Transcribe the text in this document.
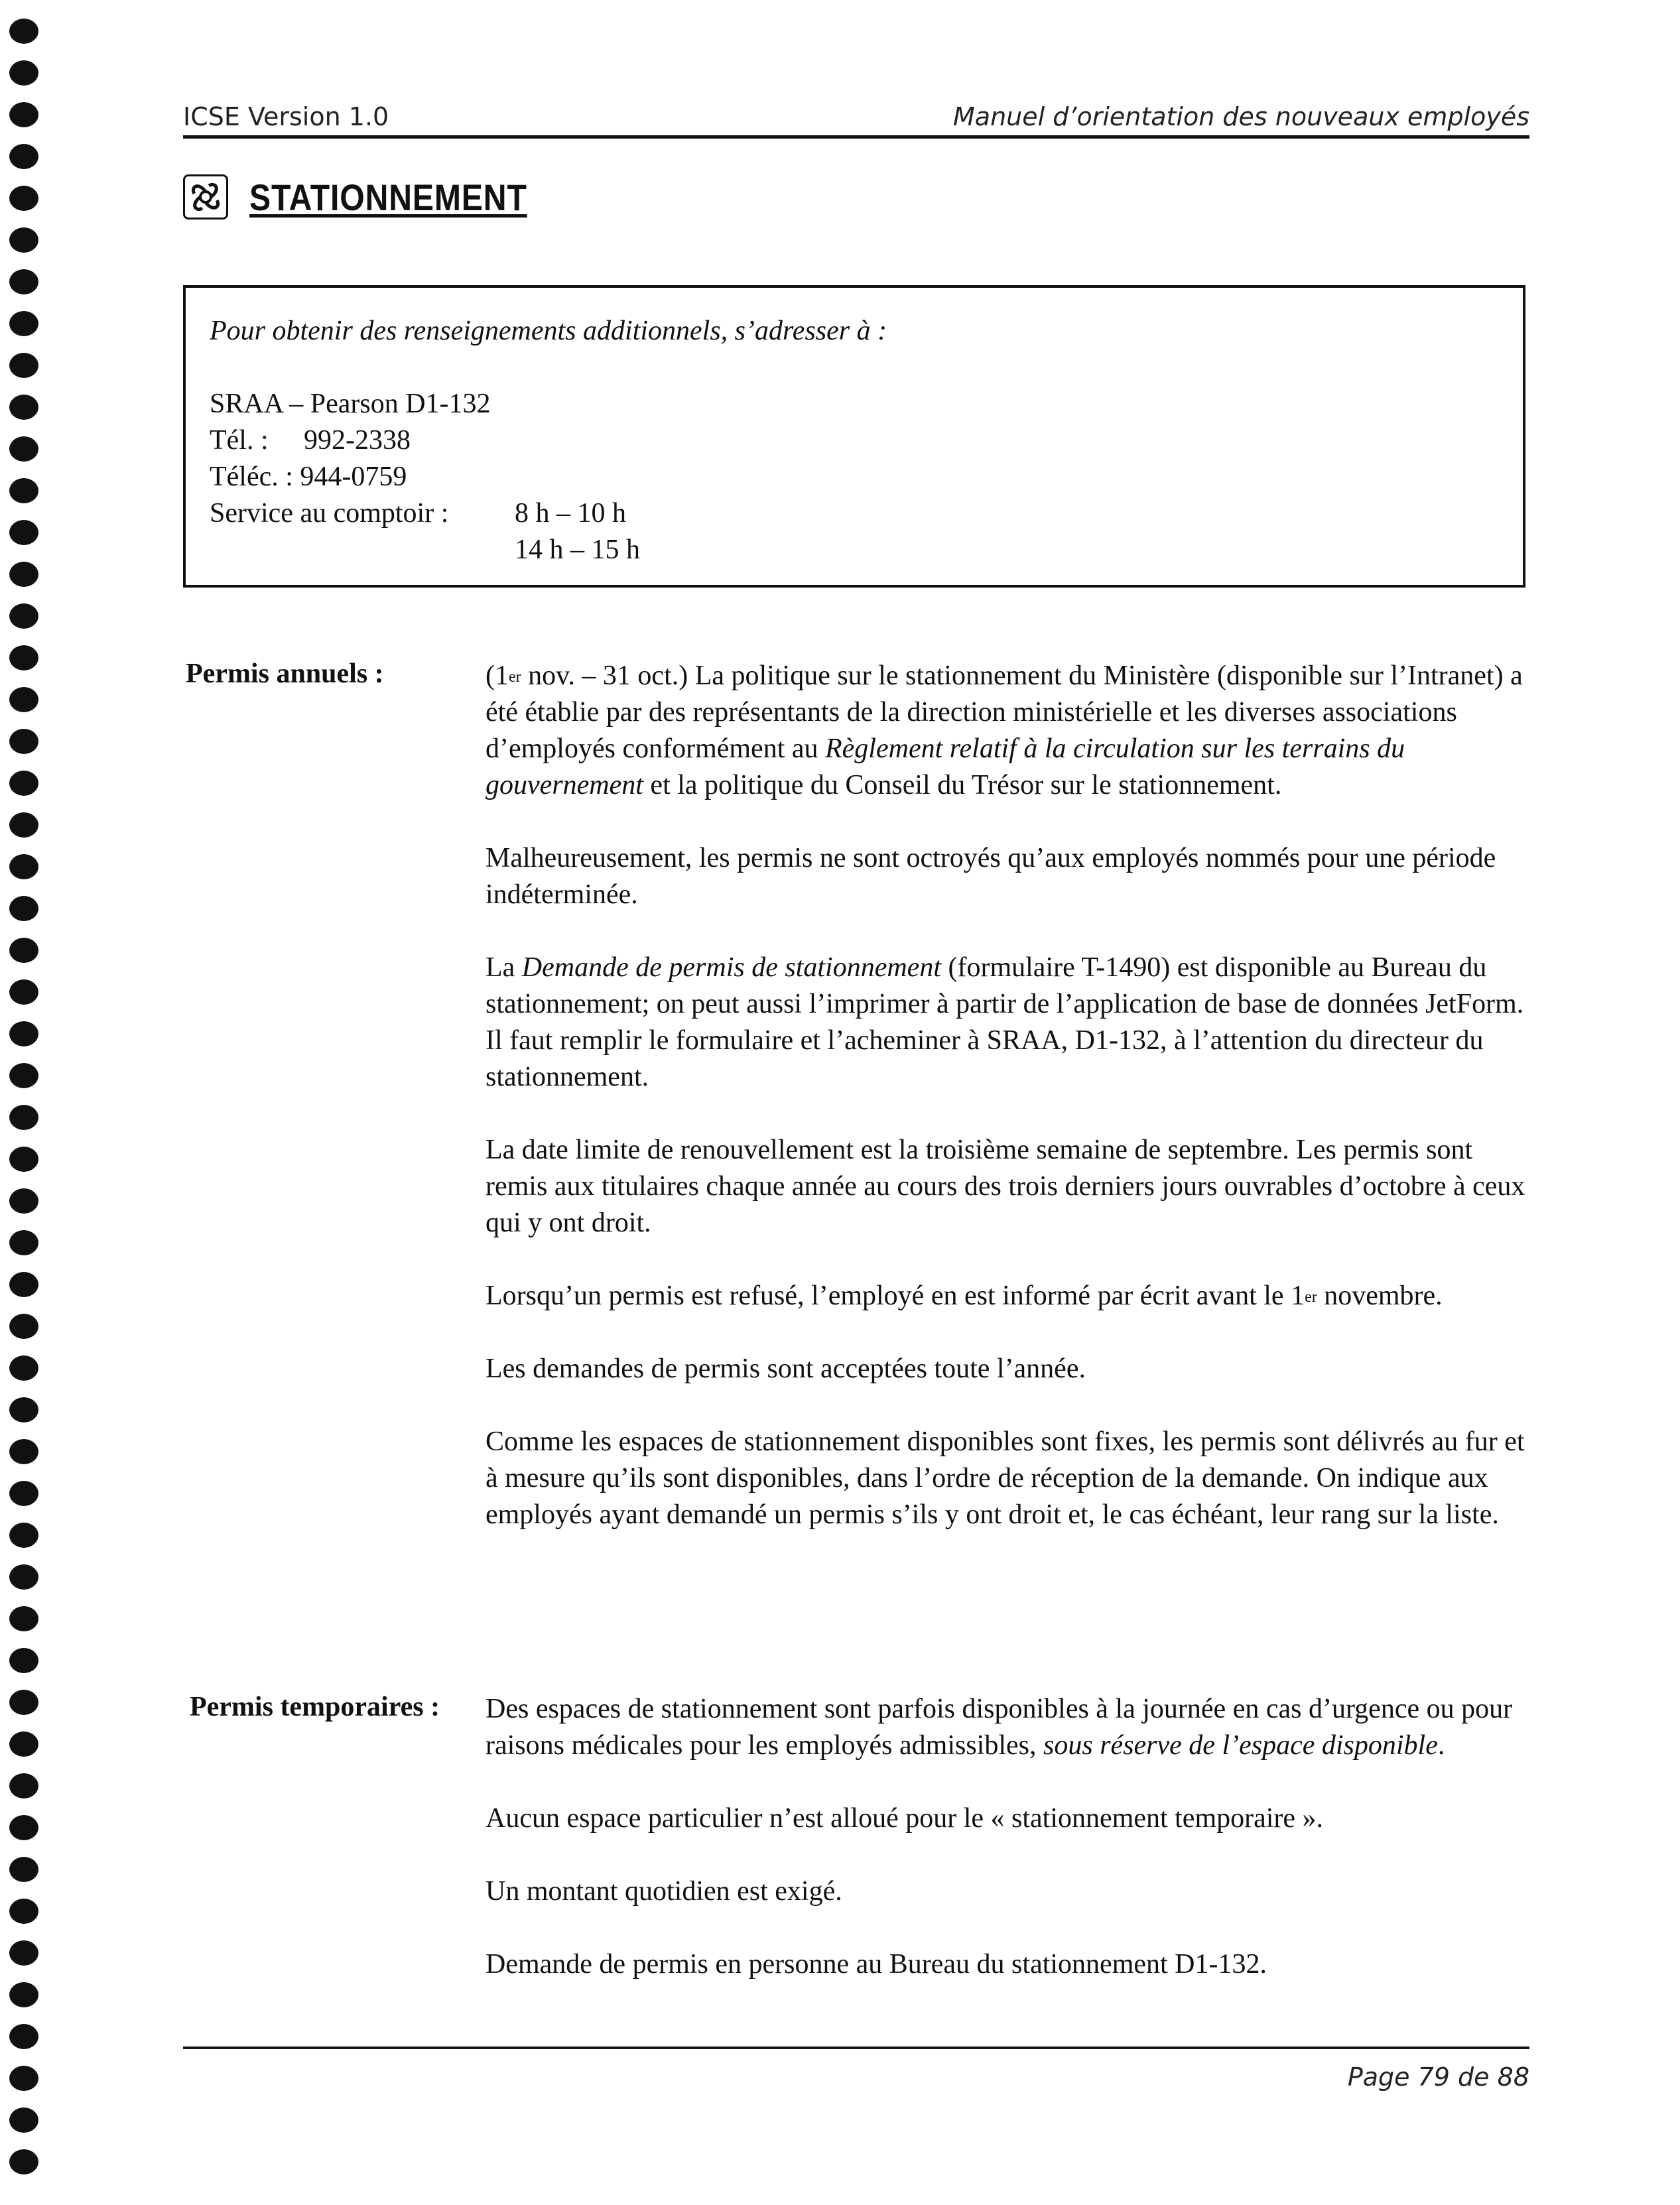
ICSE Version 1.0	Manuel d’orientation des nouveaux employés
STATIONNEMENT
Pour obtenir des renseignements additionnels, s’adresser à :
SRAA – Pearson D1-132
Tél. :	992-2338
Téléc. : 944-0759
Service au comptoir :	8 h – 10 h
14 h – 15 h
Permis annuels :	(1er nov. – 31 oct.) La politique sur le stationnement du Ministère (disponible sur l’Intranet) a été établie par des représentants de la direction ministérielle et les diverses associations d’employés conformément au Règlement relatif à la circulation sur les terrains du gouvernement et la politique du Conseil du Trésor sur le stationnement.

Malheureusement, les permis ne sont octroyés qu’aux employés nommés pour une période indéterminée.

La Demande de permis de stationnement (formulaire T-1490) est disponible au Bureau du stationnement; on peut aussi l’imprimer à partir de l’application de base de données JetForm. Il faut remplir le formulaire et l’acheminer à SRAA, D1-132, à l’attention du directeur du stationnement.

La date limite de renouvellement est la troisième semaine de septembre. Les permis sont remis aux titulaires chaque année au cours des trois derniers jours ouvrables d’octobre à ceux qui y ont droit.

Lorsqu’un permis est refusé, l’employé en est informé par écrit avant le 1er novembre.

Les demandes de permis sont acceptées toute l’année.

Comme les espaces de stationnement disponibles sont fixes, les permis sont délivrés au fur et à mesure qu’ils sont disponibles, dans l’ordre de réception de la demande. On indique aux employés ayant demandé un permis s’ils y ont droit et, le cas échéant, leur rang sur la liste.

Permis temporaires : Des espaces de stationnement sont parfois disponibles à la journée en cas d’urgence ou pour raisons médicales pour les employés admissibles, sous réserve de l’espace disponible.

Aucun espace particulier n’est alloué pour le « stationnement temporaire ».

Un montant quotidien est exigé.

Demande de permis en personne au Bureau du stationnement D1-132.

Page 79 de 88
